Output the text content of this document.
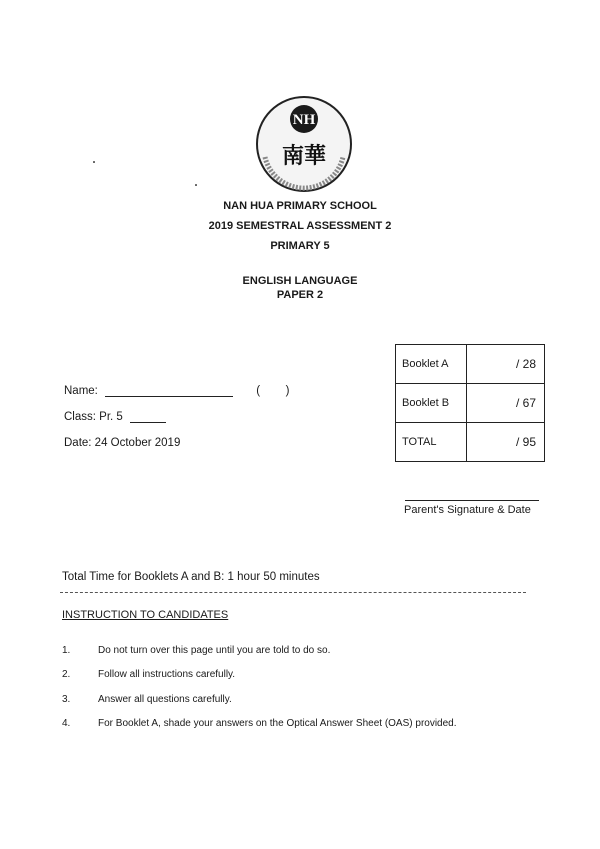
NH
南華
NAN HUA PRIMARY SCHOOL
2019 SEMESTRAL ASSESSMENT 2
PRIMARY 5
ENGLISH LANGUAGE
PAPER 2
Name:	(        )
Class: Pr. 5
Date: 24 October 2019
Booklet A	/ 28
Booklet B	/ 67
TOTAL	/ 95
Parent's Signature & Date
Total Time for Booklets A and B: 1 hour 50 minutes
INSTRUCTION TO CANDIDATES
1.	Do not turn over this page until you are told to do so.
2.	Follow all instructions carefully.
3.	Answer all questions carefully.
4.	For Booklet A, shade your answers on the Optical Answer Sheet (OAS) provided.
